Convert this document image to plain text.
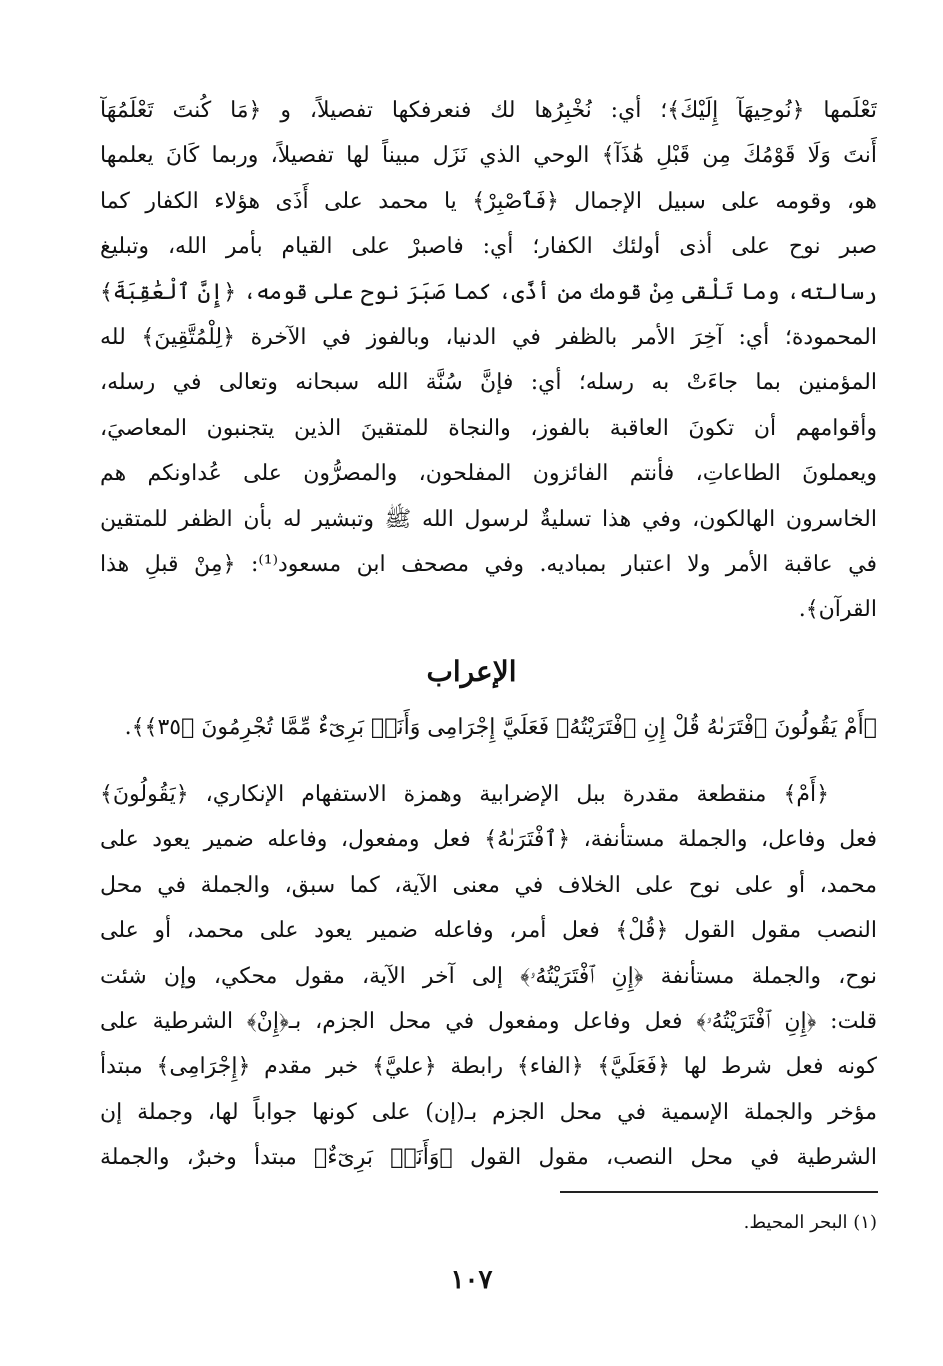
تَعْلَمها ﴿نُوحِيهَآ إِلَيْكَ﴾؛ أي: نُخْبِرُها لك فنعرفكها تفصيلاً، و ﴿مَا كُنتَ تَعْلَمُهَآ
أَنتَ وَلَا قَوْمُكَ مِن قَبْلِ هَٰذَآ﴾ الوحي الذي نَزَل مبيناً لها تفصيلاً، وربما كَانَ يعلمها
هو، وقومه على سبيل الإجمال ﴿فَٱصْبِرْ﴾ يا محمد على أَذَى هؤلاء الكفار كما
صبر نوح على أذى أولئك الكفار؛ أي: فاصبرْ على القيام بأمر الله، وتبليغ
رسالته، وما تَلْقى مِنْ قومك من أذًى، كما صَبَرَ نوح على قومه، ﴿إِنَّ ٱلْعَٰقِبَةَ﴾
المحمودة؛ أي: آخِرَ الأمر بالظفر في الدنيا، وبالفوز في الآخرة ﴿لِلْمُتَّقِينَ﴾ لله
المؤمنين بما جاءَتْ به رسله؛ أي: فإنَّ سُنَّة الله سبحانه وتعالى في رسله،
وأقوامهم أن تكونَ العاقبة بالفوز، والنجاة للمتقينَ الذين يتجنبون المعاصيَ،
ويعملونَ الطاعاتِ، فأنتم الفائزون المفلحون، والمصرُّون على عُداونكم هم
الخاسرون الهالكون، وفي هذا تسليةٌ لرسول الله ﷺ وتبشير له بأن الظفر للمتقين
في عاقبة الأمر ولا اعتبار بمباديه. وفي مصحف ابن مسعود⁽¹⁾: ﴿مِنْ قبلِ هذا
القرآن﴾.
الإعراب
﴿أَمْ يَقُولُونَ ٱفْتَرَىٰهُ قُلْ إِنِ ٱفْتَرَيْتُهُۥ فَعَلَيَّ إِجْرَامِى وَأَنَا۠ بَرِىٓءٌ مِّمَّا تُجْرِمُونَ ﴿٣٥﴾﴾.
﴿أَمْ﴾ منقطعة مقدرة ببل الإضرابية وهمزة الاستفهام الإنكاري، ﴿يَقُولُونَ﴾
فعل وفاعل، والجملة مستأنفة، ﴿ٱفْتَرَىٰهُ﴾ فعل ومفعول، وفاعله ضمير يعود على
محمد، أو على نوح على الخلاف في معنى الآية، كما سبق، والجملة في محل
النصب مقول القول ﴿قُلْ﴾ فعل أمر، وفاعله ضمير يعود على محمد، أو على
نوح، والجملة مستأنفة ﴿إِنِ ٱفْتَرَيْتُهُۥ﴾ إلى آخر الآية، مقول محكي، وإن شئت
قلت: ﴿إِنِ ٱفْتَرَيْتُهُۥ﴾ فعل وفاعل ومفعول في محل الجزم، بـ﴿إِنْ﴾ الشرطية على
كونه فعل شرط لها ﴿فَعَلَيَّ﴾ ﴿الفاء﴾ رابطة ﴿عليَّ﴾ خبر مقدم ﴿إِجْرَامِى﴾ مبتدأ
مؤخر والجملة الإسمية في محل الجزم بـ(إن) على كونها جواباً لها، وجملة إن
الشرطية في محل النصب، مقول القول ﴿وَأَنَا۠ بَرِىٓءٌ﴾ مبتدأ وخبرٌ، والجملة
(١) البحر المحيط.
١٠٧
